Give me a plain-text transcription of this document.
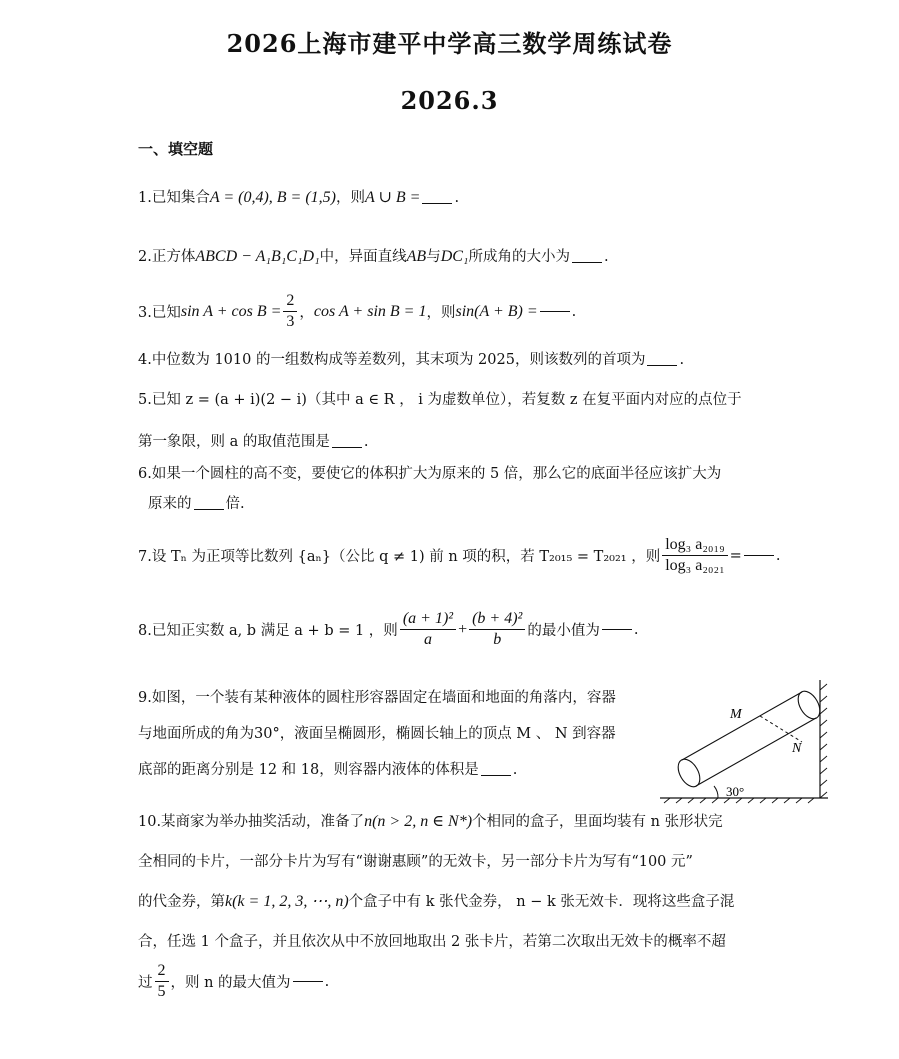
2026上海市建平中学高三数学周练试卷
2026.3
一、填空题
1.已知集合A = (0,4), B = (1,5)，则A ∪ B = .
2.正方体ABCD − A₁B₁C₁D₁中，异面直线AB与DC₁所成角的大小为 .
3.已知 $\sin A + \cos B = \frac{2}{3}$ ， cos A + sin B = 1 ，则 sin(A + B) = .
4.中位数为 1010 的一组数构成等差数列，其末项为 2025，则该数列的首项为 .
5.已知 z = (a + i)(2 − i)（其中 a ∈ R ， i 为虚数单位），若复数 z 在复平面内对应的点位于
第一象限，则 a 的取值范围是 .
6.如果一个圆柱的高不变，要使它的体积扩大为原来的 5 倍，那么它的底面半径应该扩大为
原来的 倍.
7.设 Tₙ 为正项等比数列 {aₙ}（公比 q ≠ 1) 前 n 项的积，若 T₂₀₁₅ = T₂₀₂₁ ，则 $\frac{\text{log₃ a₂₀₁₉}}{\text{log₃ a₂₀₂₁}}$ = .
8.已知正实数 a, b 满足 a + b = 1 ，则 $\frac{\text{(a + 1)²}}{a} + \frac{\text{(b + 4)²}}{b}$ 的最小值为 .
9.如图，一个装有某种液体的圆柱形容器固定在墙面和地面的角落内，容器
与地面所成的角为30°，液面呈椭圆形，椭圆长轴上的顶点 M 、 N 到容器
底部的距离分别是 12 和 18，则容器内液体的体积是 .
30°
M
N
10.某商家为举办抽奖活动，准备了n(n > 2, n ∈ N*)个相同的盒子，里面均装有 n 张形状完
全相同的卡片，一部分卡片为写有“谢谢惠顾”的无效卡，另一部分卡片为写有“100 元”
的代金券，第k(k = 1, 2, 3, ⋯, n)个盒子中有 k 张代金券， n − k 张无效卡．现将这些盒子混
合，任选 1 个盒子，并且依次从中不放回地取出 2 张卡片，若第二次取出无效卡的概率不超
过 $\frac{2}{5}$ ，则 n 的最大值为 .
